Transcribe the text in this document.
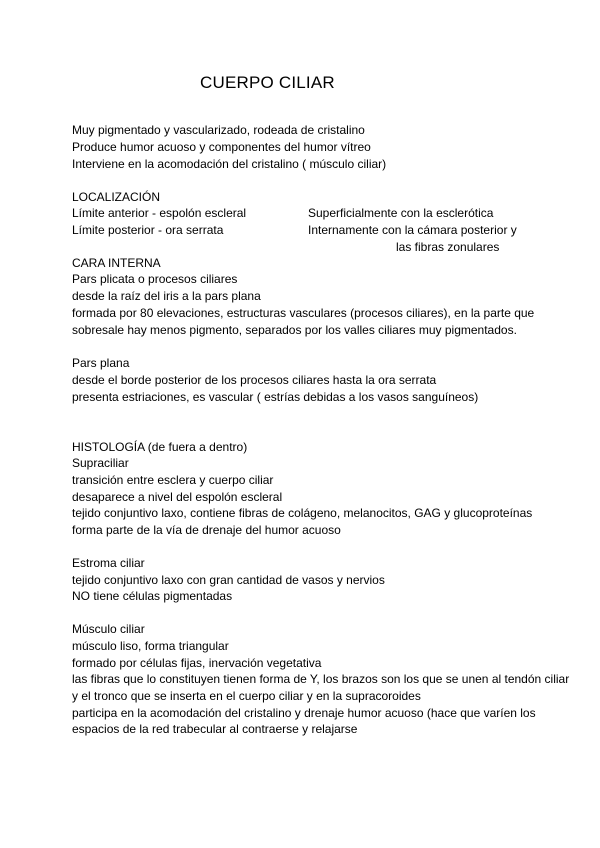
CUERPO CILIAR
Muy pigmentado y vascularizado, rodeada de cristalino
Produce humor acuoso y componentes del humor vítreo
Interviene en la acomodación del cristalino ( músculo ciliar)
LOCALIZACIÓN
Límite anterior - espolón escleral	Superficialmente con la esclerótica
Límite posterior - ora serrata	Internamente con la cámara posterior y
las fibras zonulares
CARA INTERNA
Pars plicata o procesos ciliares
desde la raíz del iris a la pars plana
formada por 80 elevaciones, estructuras vasculares (procesos ciliares), en la parte que
sobresale hay menos pigmento, separados por los valles ciliares muy pigmentados.
Pars plana
desde el borde posterior de los procesos ciliares hasta la ora serrata
presenta estriaciones, es vascular ( estrías debidas a los vasos sanguíneos)
HISTOLOGÍA (de fuera a dentro)
Supraciliar
transición entre esclera y cuerpo ciliar
desaparece a nivel del espolón escleral
tejido conjuntivo laxo, contiene fibras de colágeno, melanocitos, GAG y glucoproteínas
forma parte de la vía de drenaje del humor acuoso
Estroma ciliar
tejido conjuntivo laxo con gran cantidad de vasos y nervios
NO tiene células pigmentadas
Músculo ciliar
músculo liso, forma triangular
formado por células fijas, inervación vegetativa
las fibras que lo constituyen tienen forma de Y, los brazos son los que se unen al tendón ciliar
y el tronco que se inserta en el cuerpo ciliar y en la supracoroides
participa en la acomodación del cristalino y drenaje humor acuoso (hace que varíen los
espacios de la red trabecular al contraerse y relajarse
